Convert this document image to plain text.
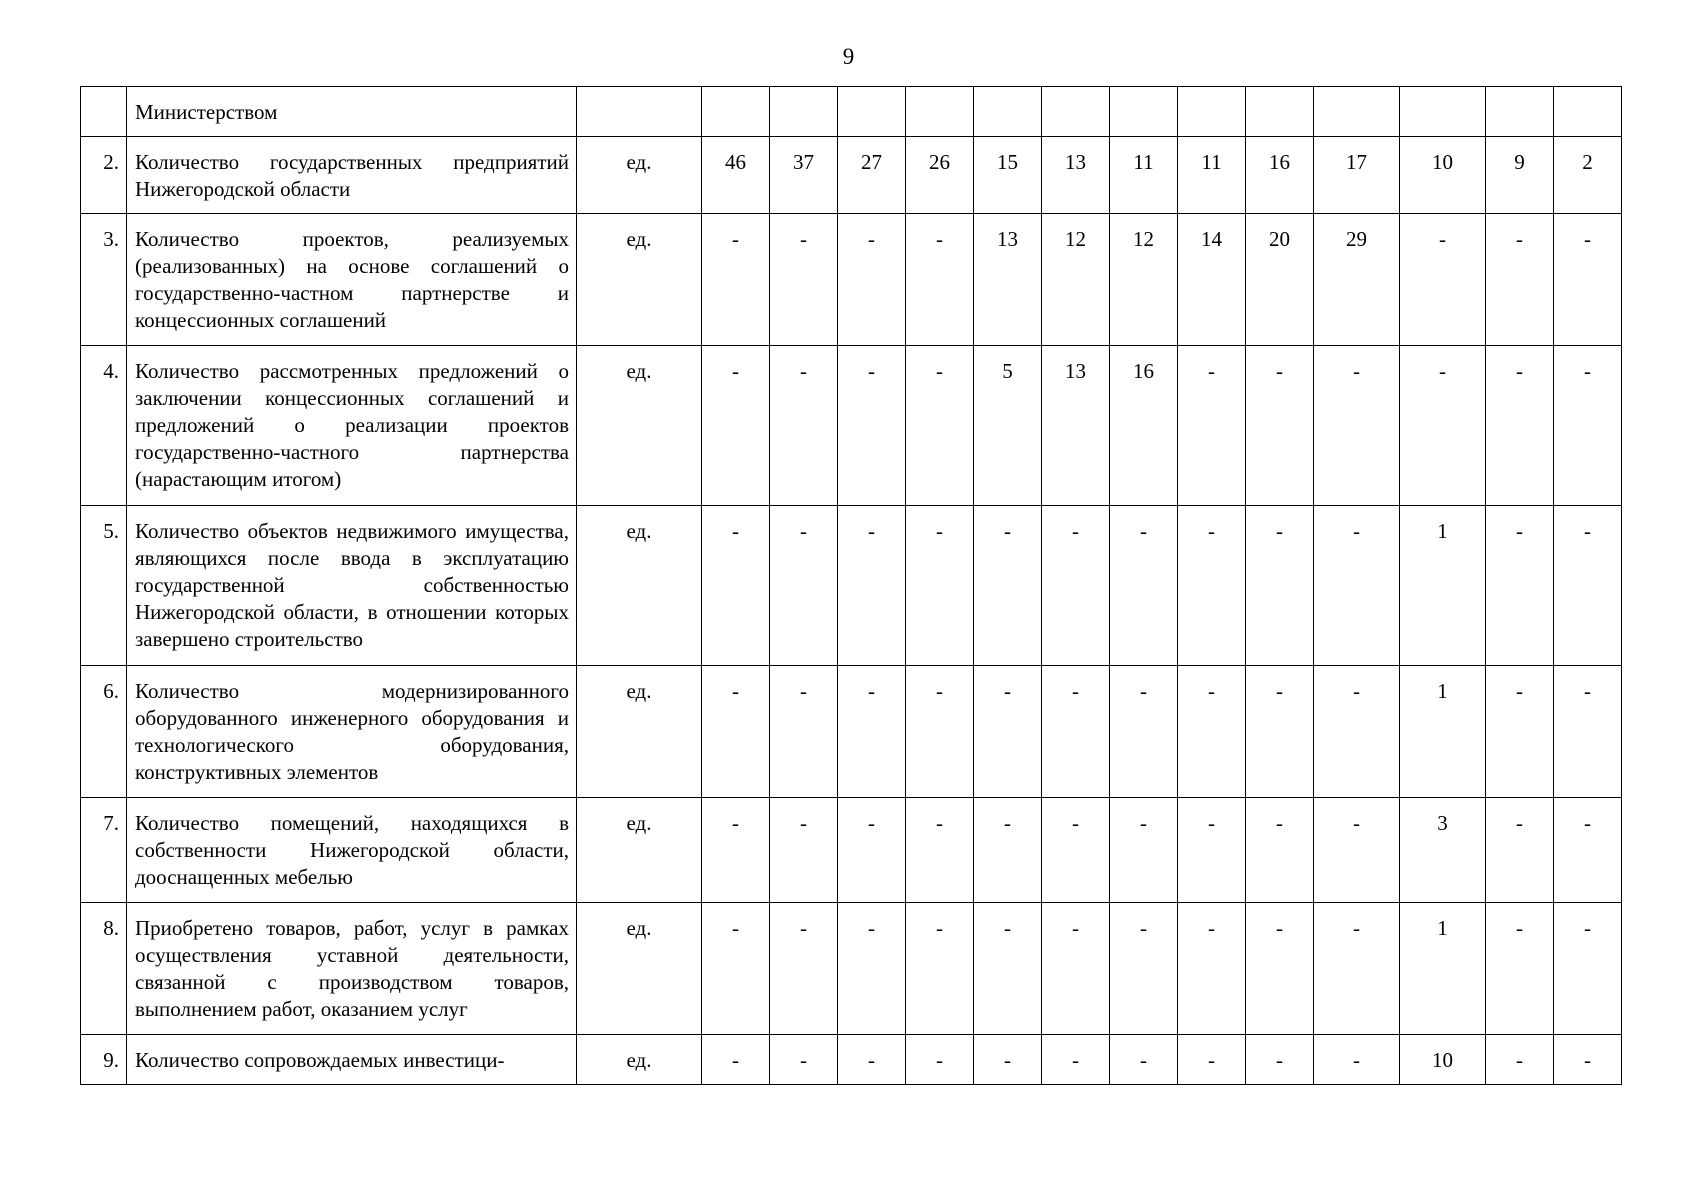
9
	Министерством														
2.	Количество государственных предприятий Нижегородской области	ед.	46	37	27	26	15	13	11	11	16	17	10	9	2
3.	Количество проектов, реализуемых (реализованных) на основе соглашений о государственно-частном партнерстве и концессионных соглашений	ед.	-	-	-	-	13	12	12	14	20	29	-	-	-
4.	Количество рассмотренных предложений о заключении концессионных соглашений и предложений о реализации проектов государственно-частного партнерства (нарастающим итогом)	ед.	-	-	-	-	5	13	16	-	-	-	-	-	-
5.	Количество объектов недвижимого имущества, являющихся после ввода в эксплуатацию государственной собственностью Нижегородской области, в отношении которых завершено строительство	ед.	-	-	-	-	-	-	-	-	-	-	1	-	-
6.	Количество модернизированного оборудованного инженерного оборудования и технологического оборудования, конструктивных элементов	ед.	-	-	-	-	-	-	-	-	-	-	1	-	-
7.	Количество помещений, находящихся в собственности Нижегородской области, дооснащенных мебелью	ед.	-	-	-	-	-	-	-	-	-	-	3	-	-
8.	Приобретено товаров, работ, услуг в рамках осуществления уставной деятельности, связанной с производством товаров, выполнением работ, оказанием услуг	ед.	-	-	-	-	-	-	-	-	-	-	1	-	-
9.	Количество сопровождаемых инвестици-	ед.	-	-	-	-	-	-	-	-	-	-	10	-	-
